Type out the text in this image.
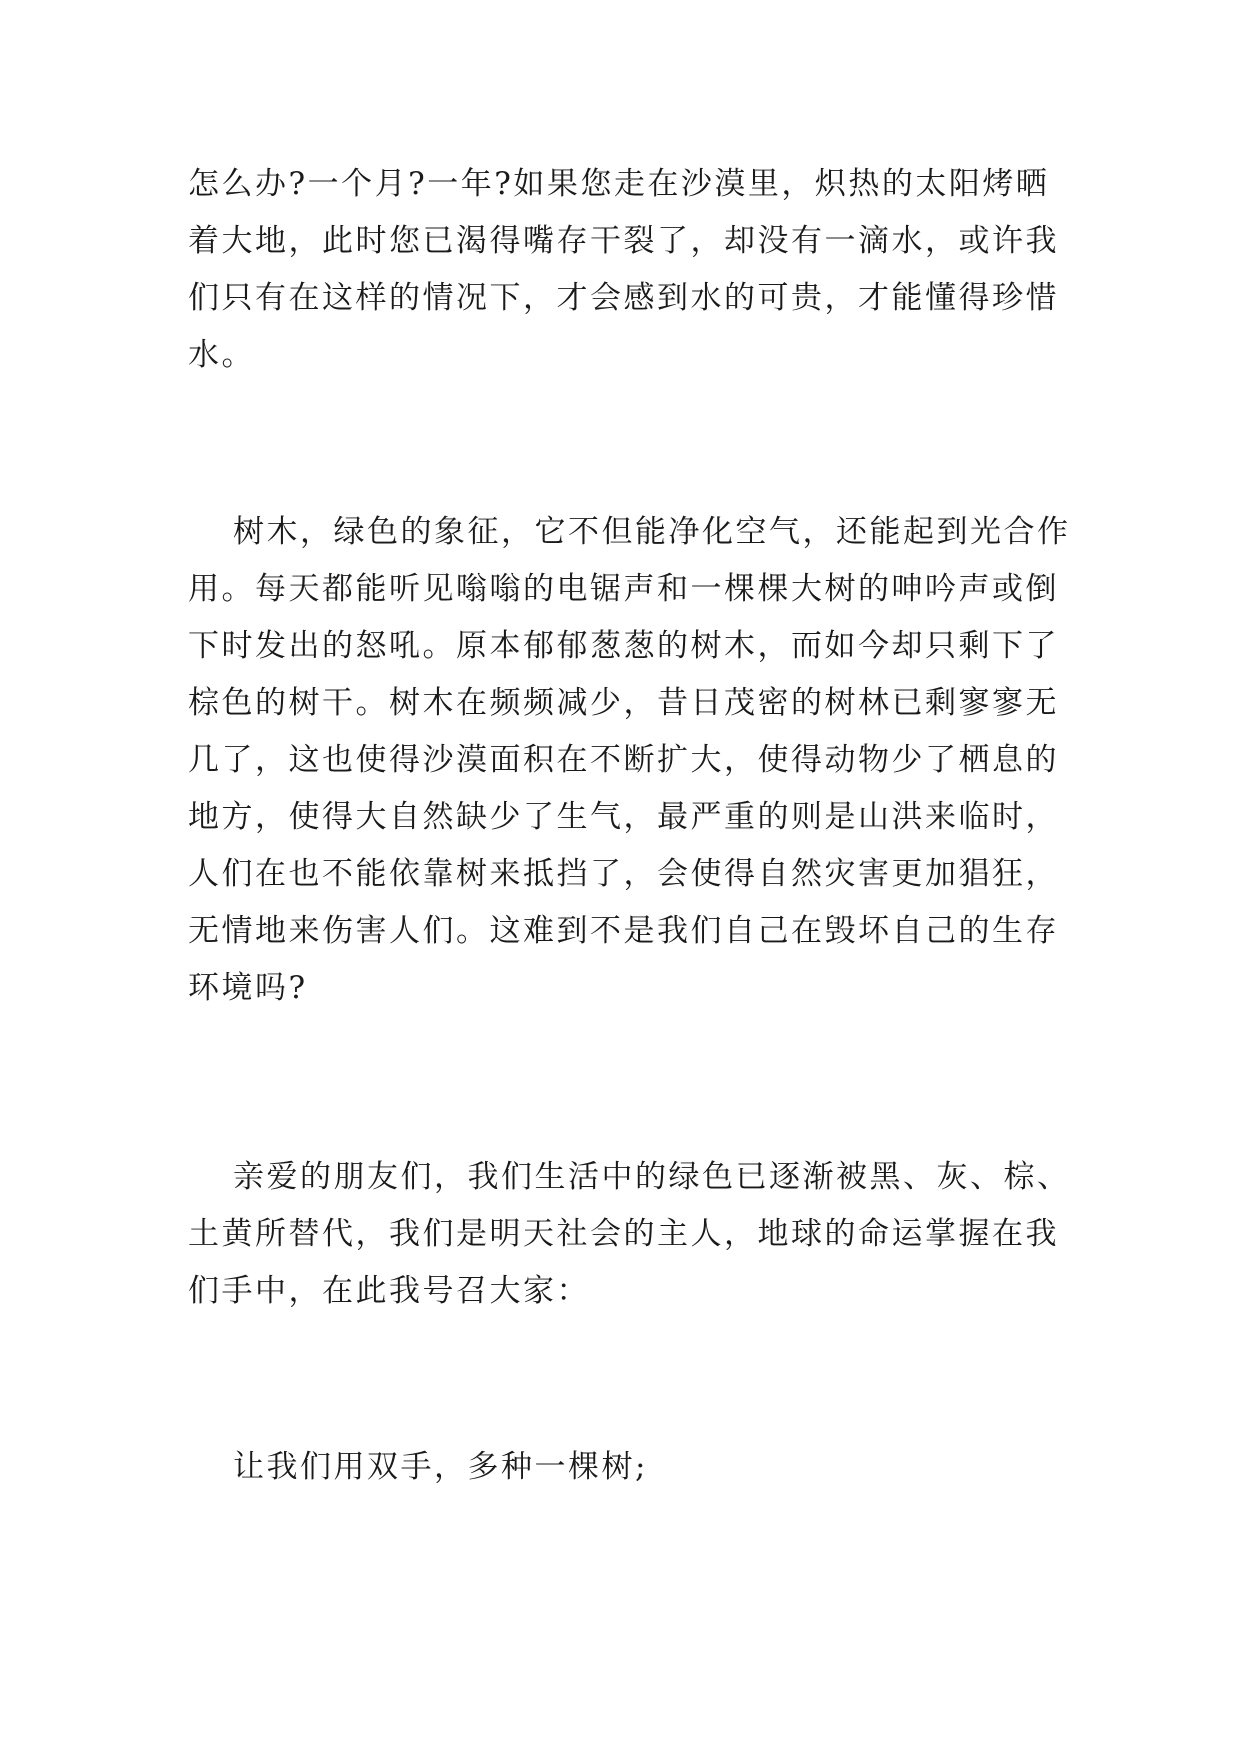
怎么办?一个月?一年?如果您走在沙漠里，炽热的太阳烤晒
着大地，此时您已渴得嘴存干裂了，却没有一滴水，或许我
们只有在这样的情况下，才会感到水的可贵，才能懂得珍惜
水。
树木，绿色的象征，它不但能净化空气，还能起到光合作
用。每天都能听见嗡嗡的电锯声和一棵棵大树的呻吟声或倒
下时发出的怒吼。原本郁郁葱葱的树木，而如今却只剩下了
棕色的树干。树木在频频减少，昔日茂密的树林已剩寥寥无
几了，这也使得沙漠面积在不断扩大，使得动物少了栖息的
地方，使得大自然缺少了生气，最严重的则是山洪来临时，
人们在也不能依靠树来抵挡了，会使得自然灾害更加猖狂，
无情地来伤害人们。这难到不是我们自己在毁坏自己的生存
环境吗?
亲爱的朋友们，我们生活中的绿色已逐渐被黑、灰、棕、
土黄所替代，我们是明天社会的主人，地球的命运掌握在我
们手中，在此我号召大家：
让我们用双手，多种一棵树;
